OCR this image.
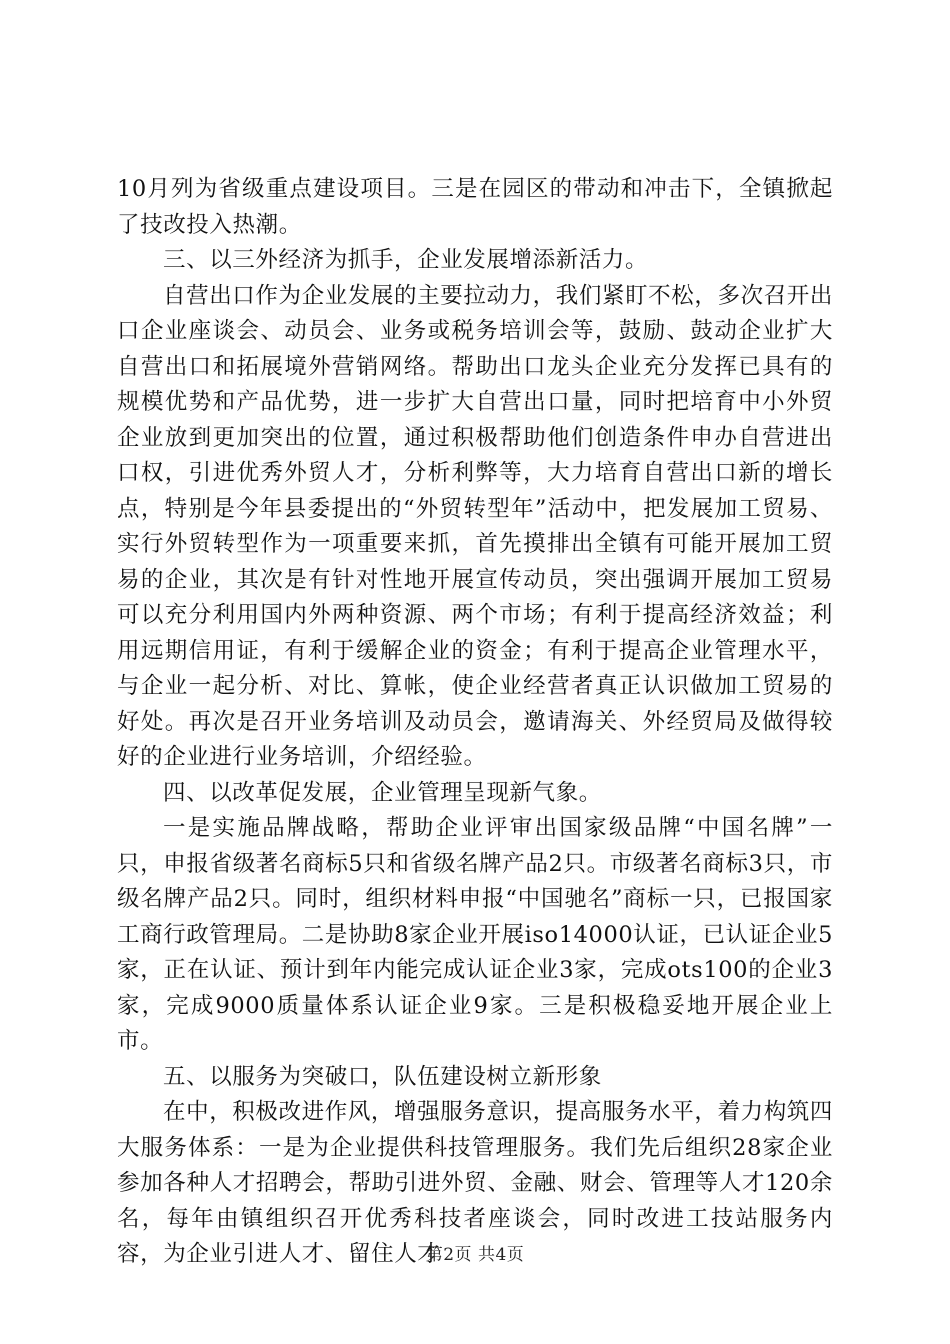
10月列为省级重点建设项目。三是在园区的带动和冲击下，全镇掀起了技改投入热潮。

三、以三外经济为抓手，企业发展增添新活力。

自营出口作为企业发展的主要拉动力，我们紧盯不松，多次召开出口企业座谈会、动员会、业务或税务培训会等，鼓励、鼓动企业扩大自营出口和拓展境外营销网络。帮助出口龙头企业充分发挥已具有的规模优势和产品优势，进一步扩大自营出口量，同时把培育中小外贸企业放到更加突出的位置，通过积极帮助他们创造条件申办自营进出口权，引进优秀外贸人才，分析利弊等，大力培育自营出口新的增长点，特别是今年县委提出的“外贸转型年”活动中，把发展加工贸易、实行外贸转型作为一项重要来抓，首先摸排出全镇有可能开展加工贸易的企业，其次是有针对性地开展宣传动员，突出强调开展加工贸易可以充分利用国内外两种资源、两个市场；有利于提高经济效益；利用远期信用证，有利于缓解企业的资金；有利于提高企业管理水平，与企业一起分析、对比、算帐，使企业经营者真正认识做加工贸易的好处。再次是召开业务培训及动员会，邀请海关、外经贸局及做得较好的企业进行业务培训，介绍经验。

四、以改革促发展，企业管理呈现新气象。

一是实施品牌战略，帮助企业评审出国家级品牌“中国名牌”一只，申报省级著名商标5只和省级名牌产品2只。市级著名商标3只，市级名牌产品2只。同时，组织材料申报“中国驰名”商标一只，已报国家工商行政管理局。二是协助8家企业开展iso14000认证，已认证企业5家，正在认证、预计到年内能完成认证企业3家，完成ots100的企业3家，完成9000质量体系认证企业9家。三是积极稳妥地开展企业上市。

五、以服务为突破口，队伍建设树立新形象

在中，积极改进作风，增强服务意识，提高服务水平，着力构筑四大服务体系：一是为企业提供科技管理服务。我们先后组织28家企业参加各种人才招聘会，帮助引进外贸、金融、财会、管理等人才120余名，每年由镇组织召开优秀科技者座谈会，同时改进工技站服务内容，为企业引进人才、留住人才

第2页 共4页
